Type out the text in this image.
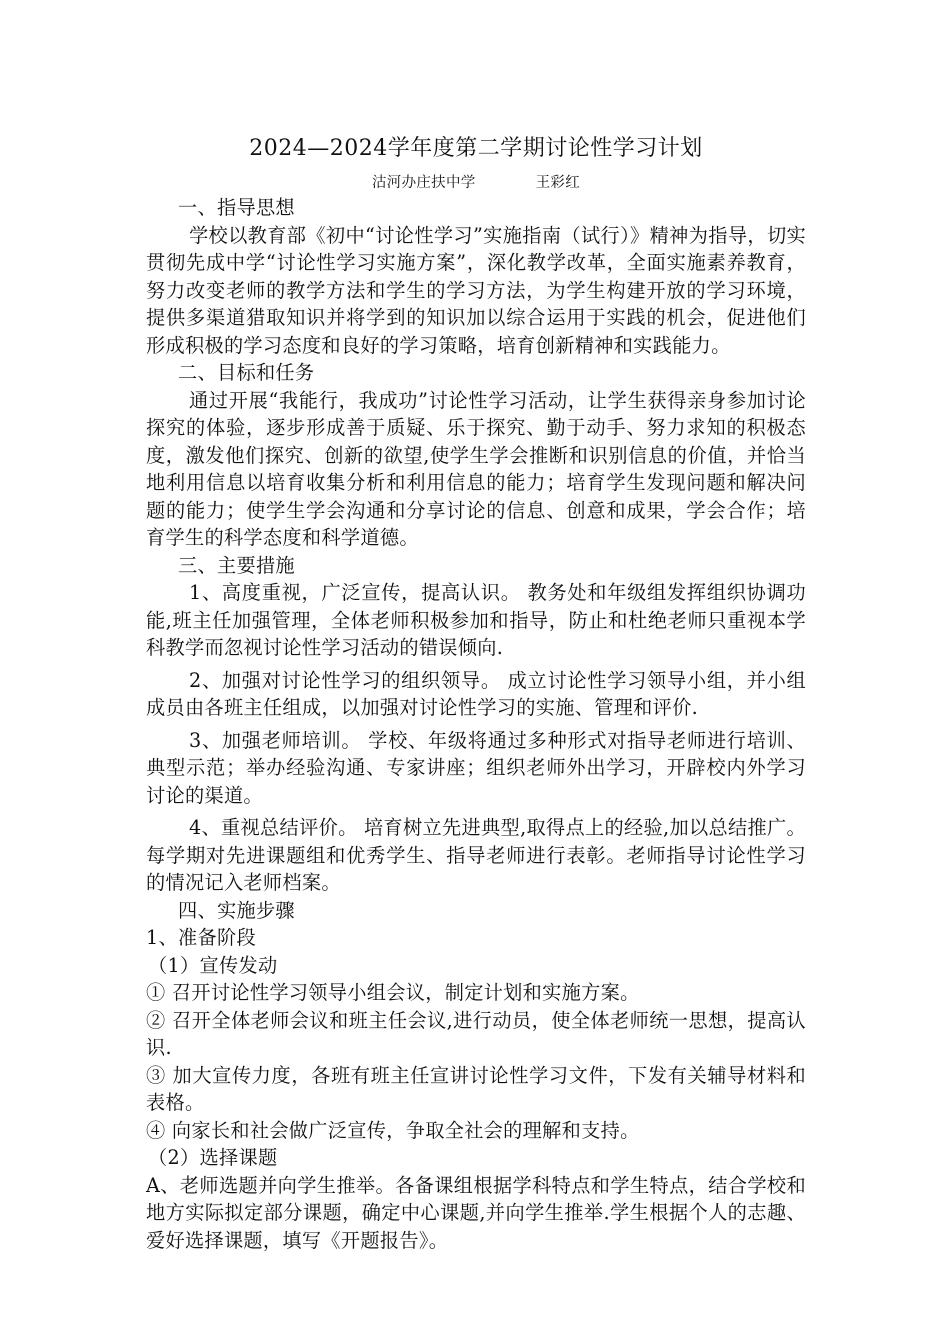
2024—2024学年度第二学期讨论性学习计划

沽河办庄扶中学	王彩红

一、指导思想

学校以教育部《初中“讨论性学习”实施指南（试行）》精神为指导，切实贯彻先成中学“讨论性学习实施方案”，深化教学改革，全面实施素养教育，努力改变老师的教学方法和学生的学习方法，为学生构建开放的学习环境，提供多渠道猎取知识并将学到的知识加以综合运用于实践的机会，促进他们形成积极的学习态度和良好的学习策略，培育创新精神和实践能力。

二、目标和任务

通过开展“我能行，我成功”讨论性学习活动，让学生获得亲身参加讨论探究的体验，逐步形成善于质疑、乐于探究、勤于动手、努力求知的积极态度，激发他们探究、创新的欲望,使学生学会推断和识别信息的价值，并恰当地利用信息以培育收集分析和利用信息的能力；培育学生发现问题和解决问题的能力；使学生学会沟通和分享讨论的信息、创意和成果，学会合作；培育学生的科学态度和科学道德。

三、主要措施

1、高度重视，广泛宣传，提高认识。 教务处和年级组发挥组织协调功能,班主任加强管理，全体老师积极参加和指导，防止和杜绝老师只重视本学科教学而忽视讨论性学习活动的错误倾向.

2、加强对讨论性学习的组织领导。 成立讨论性学习领导小组，并小组成员由各班主任组成，以加强对讨论性学习的实施、管理和评价.

3、加强老师培训。 学校、年级将通过多种形式对指导老师进行培训、典型示范；举办经验沟通、专家讲座；组织老师外出学习，开辟校内外学习讨论的渠道。

4、重视总结评价。 培育树立先进典型,取得点上的经验,加以总结推广。每学期对先进课题组和优秀学生、指导老师进行表彰。老师指导讨论性学习的情况记入老师档案。

四、实施步骤

1、准备阶段

（1）宣传发动

① 召开讨论性学习领导小组会议，制定计划和实施方案。

② 召开全体老师会议和班主任会议,进行动员，使全体老师统一思想，提高认识.

③ 加大宣传力度，各班有班主任宣讲讨论性学习文件，下发有关辅导材料和表格。

④ 向家长和社会做广泛宣传，争取全社会的理解和支持。

（2）选择课题

A、老师选题并向学生推举。各备课组根据学科特点和学生特点，结合学校和地方实际拟定部分课题，确定中心课题,并向学生推举.学生根据个人的志趣、爱好选择课题，填写《开题报告》。
